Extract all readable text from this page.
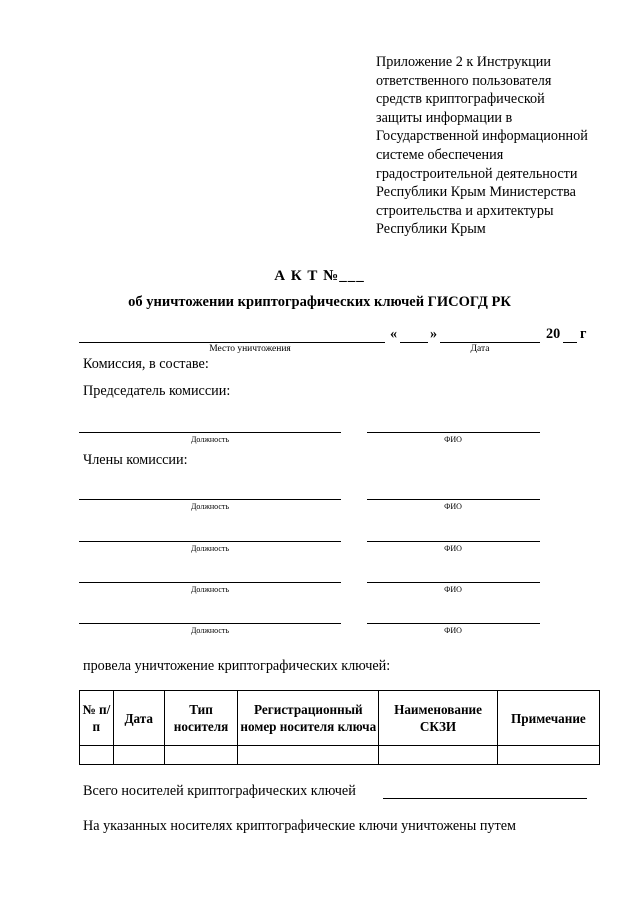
Приложение 2 к Инструкции
ответственного пользователя
средств криптографической
защиты информации в
Государственной информационной
системе обеспечения
градостроительной деятельности
Республики Крым Министерства
строительства и архитектуры
Республики Крым
А К Т №___
об уничтожении криптографических ключей ГИСОГД РК
« »	20 г
Место уничтожения	Дата
Комиссия, в составе:
Председатель комиссии:
Должность	ФИО
Члены комиссии:
Должность	ФИО
Должность	ФИО
Должность	ФИО
Должность	ФИО
провела уничтожение криптографических ключей:
№ п/п	Дата	Тип носителя	Регистрационный номер носителя ключа	Наименование СКЗИ	Примечание

Всего носителей криптографических ключей
На указанных носителях криптографические ключи уничтожены путем
